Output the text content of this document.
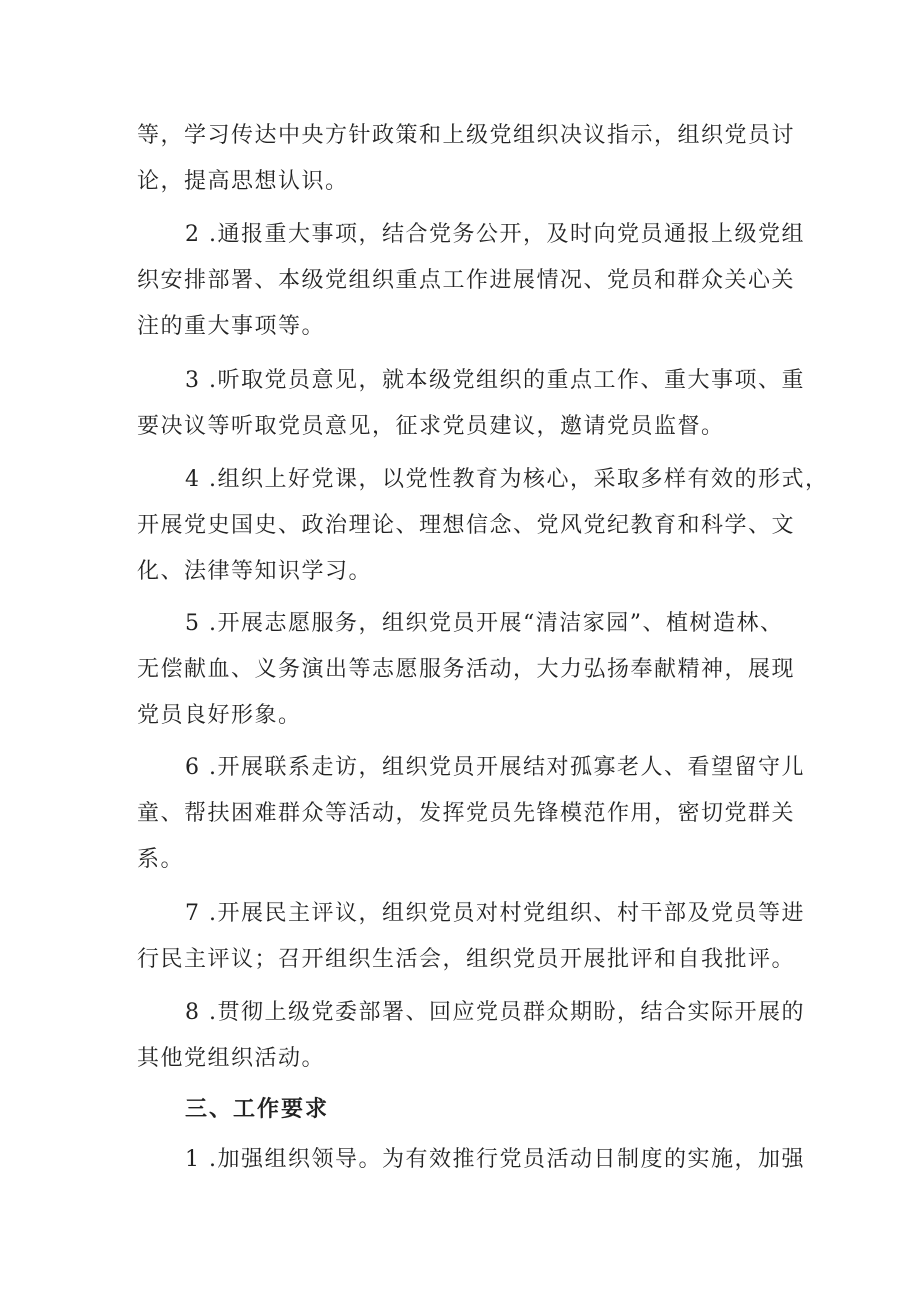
等，学习传达中央方针政策和上级党组织决议指示，组织党员讨
论，提高思想认识。

2 .通报重大事项，结合党务公开，及时向党员通报上级党组
织安排部署、本级党组织重点工作进展情况、党员和群众关心关
注的重大事项等。

3 .听取党员意见，就本级党组织的重点工作、重大事项、重
要决议等听取党员意见，征求党员建议，邀请党员监督。

4 .组织上好党课，以党性教育为核心，采取多样有效的形式，
开展党史国史、政治理论、理想信念、党风党纪教育和科学、文
化、法律等知识学习。

5 .开展志愿服务，组织党员开展“清洁家园”、植树造林、
无偿献血、义务演出等志愿服务活动，大力弘扬奉献精神，展现
党员良好形象。

6 .开展联系走访，组织党员开展结对孤寡老人、看望留守儿
童、帮扶困难群众等活动，发挥党员先锋模范作用，密切党群关
系。

7 .开展民主评议，组织党员对村党组织、村干部及党员等进
行民主评议；召开组织生活会，组织党员开展批评和自我批评。

8 .贯彻上级党委部署、回应党员群众期盼，结合实际开展的
其他党组织活动。

三、工作要求

1 .加强组织领导。为有效推行党员活动日制度的实施，加强
